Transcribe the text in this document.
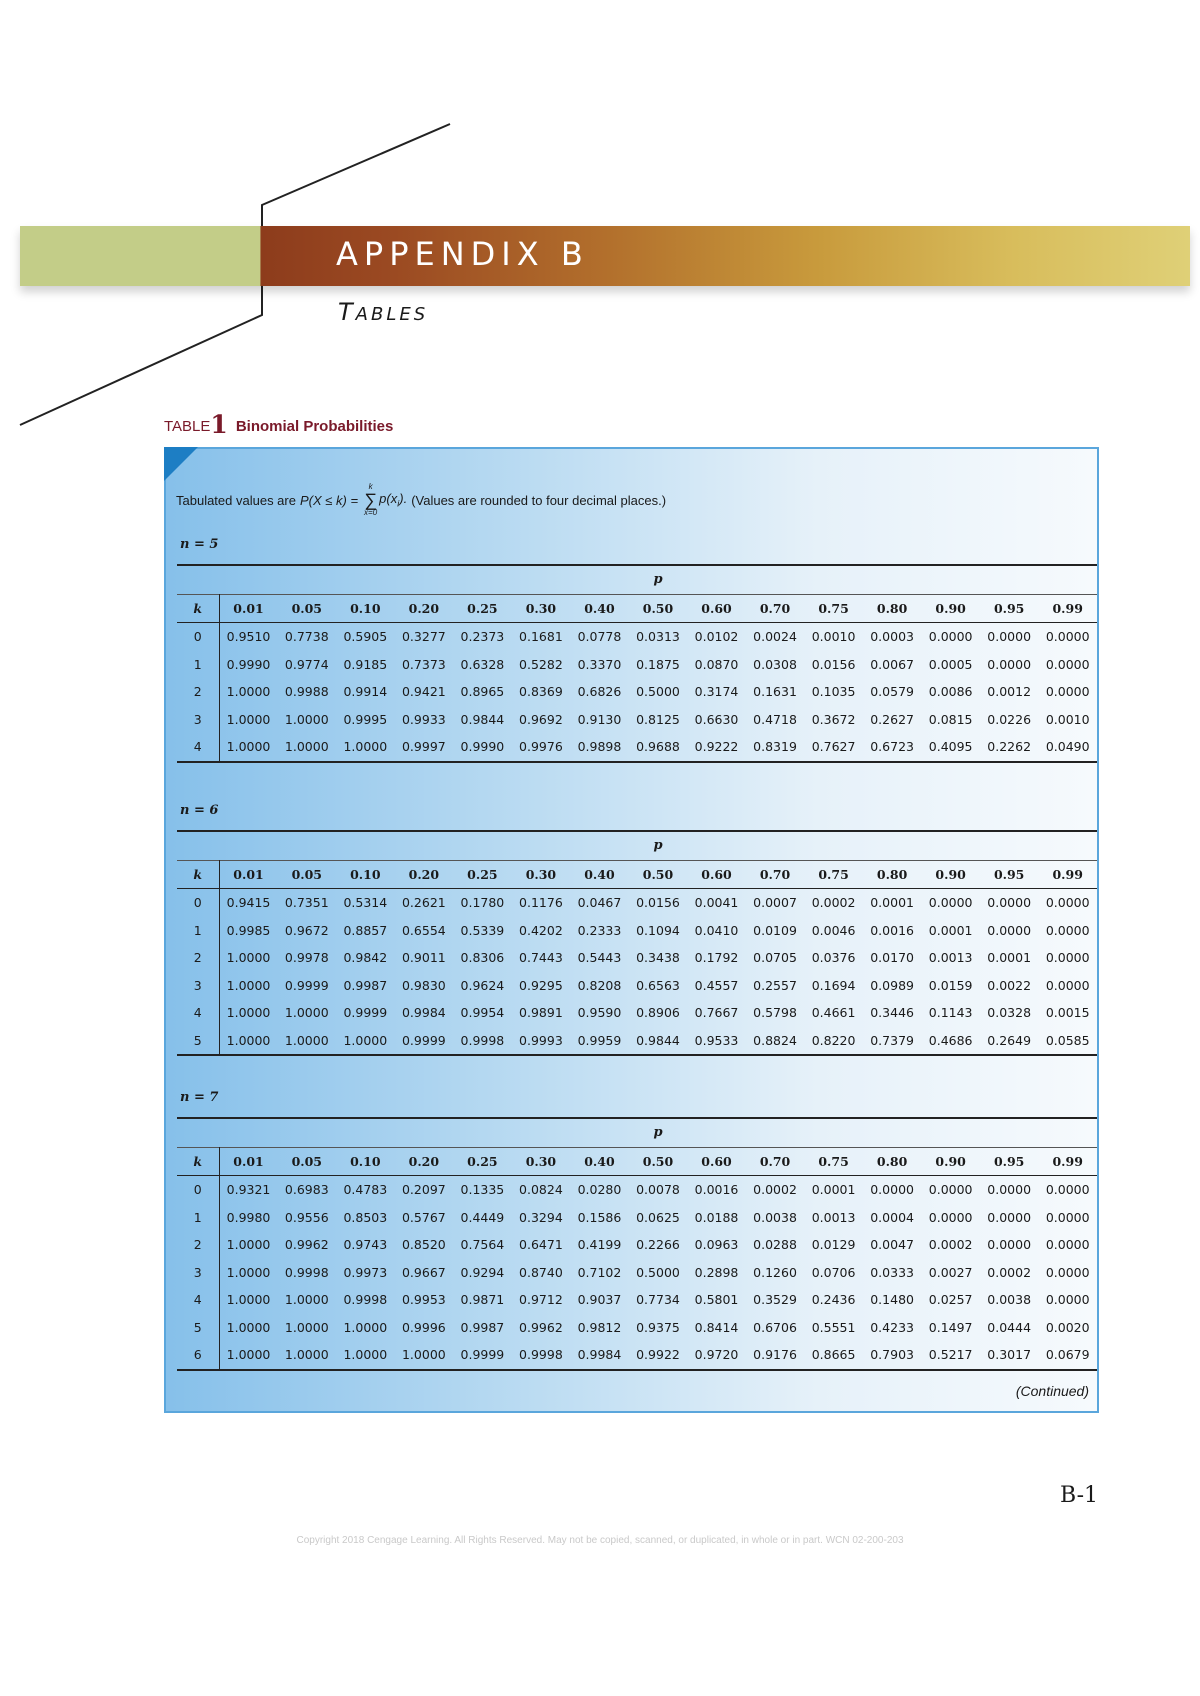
APPENDIX B
TABLES
TABLE1 Binomial Probabilities
Tabulated values are P(X ≤ k) =
k
∑
x=0
$p(x_i)$. (Values are rounded to four decimal places.)
n = 5
	p														
k	0.01	0.05	0.10	0.20	0.25	0.30	0.40	0.50	0.60	0.70	0.75	0.80	0.90	0.95	0.99
0	0.9510	0.7738	0.5905	0.3277	0.2373	0.1681	0.0778	0.0313	0.0102	0.0024	0.0010	0.0003	0.0000	0.0000	0.0000
1	0.9990	0.9774	0.9185	0.7373	0.6328	0.5282	0.3370	0.1875	0.0870	0.0308	0.0156	0.0067	0.0005	0.0000	0.0000
2	1.0000	0.9988	0.9914	0.9421	0.8965	0.8369	0.6826	0.5000	0.3174	0.1631	0.1035	0.0579	0.0086	0.0012	0.0000
3	1.0000	1.0000	0.9995	0.9933	0.9844	0.9692	0.9130	0.8125	0.6630	0.4718	0.3672	0.2627	0.0815	0.0226	0.0010
4	1.0000	1.0000	1.0000	0.9997	0.9990	0.9976	0.9898	0.9688	0.9222	0.8319	0.7627	0.6723	0.4095	0.2262	0.0490
n = 6
	p														
k	0.01	0.05	0.10	0.20	0.25	0.30	0.40	0.50	0.60	0.70	0.75	0.80	0.90	0.95	0.99
0	0.9415	0.7351	0.5314	0.2621	0.1780	0.1176	0.0467	0.0156	0.0041	0.0007	0.0002	0.0001	0.0000	0.0000	0.0000
1	0.9985	0.9672	0.8857	0.6554	0.5339	0.4202	0.2333	0.1094	0.0410	0.0109	0.0046	0.0016	0.0001	0.0000	0.0000
2	1.0000	0.9978	0.9842	0.9011	0.8306	0.7443	0.5443	0.3438	0.1792	0.0705	0.0376	0.0170	0.0013	0.0001	0.0000
3	1.0000	0.9999	0.9987	0.9830	0.9624	0.9295	0.8208	0.6563	0.4557	0.2557	0.1694	0.0989	0.0159	0.0022	0.0000
4	1.0000	1.0000	0.9999	0.9984	0.9954	0.9891	0.9590	0.8906	0.7667	0.5798	0.4661	0.3446	0.1143	0.0328	0.0015
5	1.0000	1.0000	1.0000	0.9999	0.9998	0.9993	0.9959	0.9844	0.9533	0.8824	0.8220	0.7379	0.4686	0.2649	0.0585
n = 7
	p														
k	0.01	0.05	0.10	0.20	0.25	0.30	0.40	0.50	0.60	0.70	0.75	0.80	0.90	0.95	0.99
0	0.9321	0.6983	0.4783	0.2097	0.1335	0.0824	0.0280	0.0078	0.0016	0.0002	0.0001	0.0000	0.0000	0.0000	0.0000
1	0.9980	0.9556	0.8503	0.5767	0.4449	0.3294	0.1586	0.0625	0.0188	0.0038	0.0013	0.0004	0.0000	0.0000	0.0000
2	1.0000	0.9962	0.9743	0.8520	0.7564	0.6471	0.4199	0.2266	0.0963	0.0288	0.0129	0.0047	0.0002	0.0000	0.0000
3	1.0000	0.9998	0.9973	0.9667	0.9294	0.8740	0.7102	0.5000	0.2898	0.1260	0.0706	0.0333	0.0027	0.0002	0.0000
4	1.0000	1.0000	0.9998	0.9953	0.9871	0.9712	0.9037	0.7734	0.5801	0.3529	0.2436	0.1480	0.0257	0.0038	0.0000
5	1.0000	1.0000	1.0000	0.9996	0.9987	0.9962	0.9812	0.9375	0.8414	0.6706	0.5551	0.4233	0.1497	0.0444	0.0020
6	1.0000	1.0000	1.0000	1.0000	0.9999	0.9998	0.9984	0.9922	0.9720	0.9176	0.8665	0.7903	0.5217	0.3017	0.0679
(Continued)
B-1
Copyright 2018 Cengage Learning. All Rights Reserved. May not be copied, scanned, or duplicated, in whole or in part. WCN 02-200-203
